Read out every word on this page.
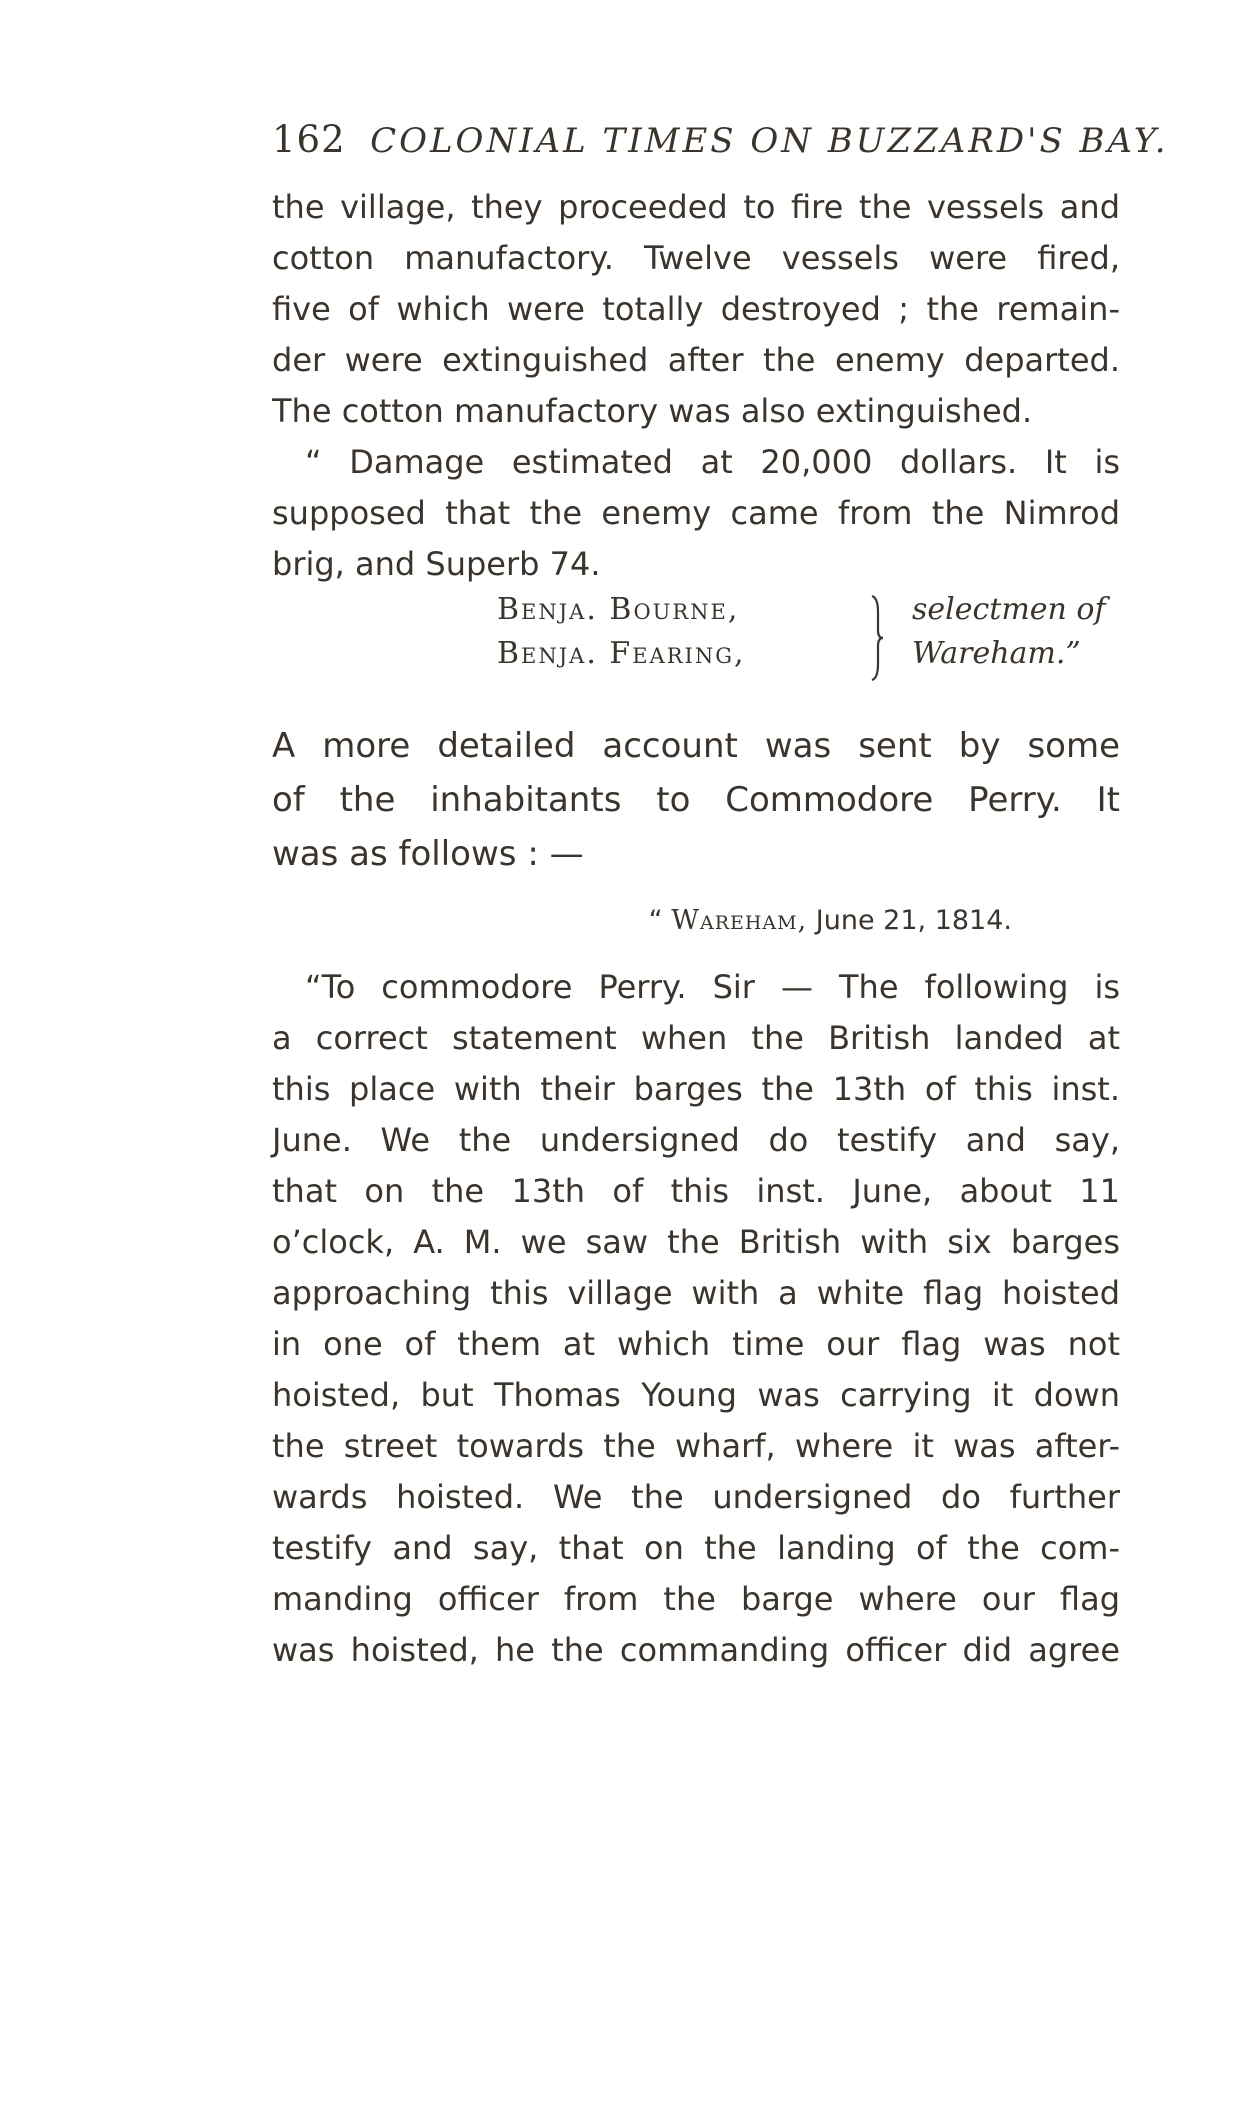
162 COLONIAL TIMES ON BUZZARD'S BAY.
the village, they proceeded to fire the vessels and
cotton manufactory. Twelve vessels were fired,
five of which were totally destroyed ; the remain-
der were extinguished after the enemy departed.
The cotton manufactory was also extinguished.
“ Damage estimated at 20,000 dollars. It is
supposed that the enemy came from the Nimrod
brig, and Superb 74.
Benja. Bourne,	selectmen of
Benja. Fearing,	Wareham.”
A more detailed account was sent by some
of the inhabitants to Commodore Perry. It
was as follows : —
“ Wareham, June 21, 1814.
“To commodore Perry. Sir — The following is
a correct statement when the British landed at
this place with their barges the 13th of this inst.
June. We the undersigned do testify and say,
that on the 13th of this inst. June, about 11
o’clock, A. M. we saw the British with six barges
approaching this village with a white flag hoisted
in one of them at which time our flag was not
hoisted, but Thomas Young was carrying it down
the street towards the wharf, where it was after-
wards hoisted. We the undersigned do further
testify and say, that on the landing of the com-
manding officer from the barge where our flag
was hoisted, he the commanding officer did agree
